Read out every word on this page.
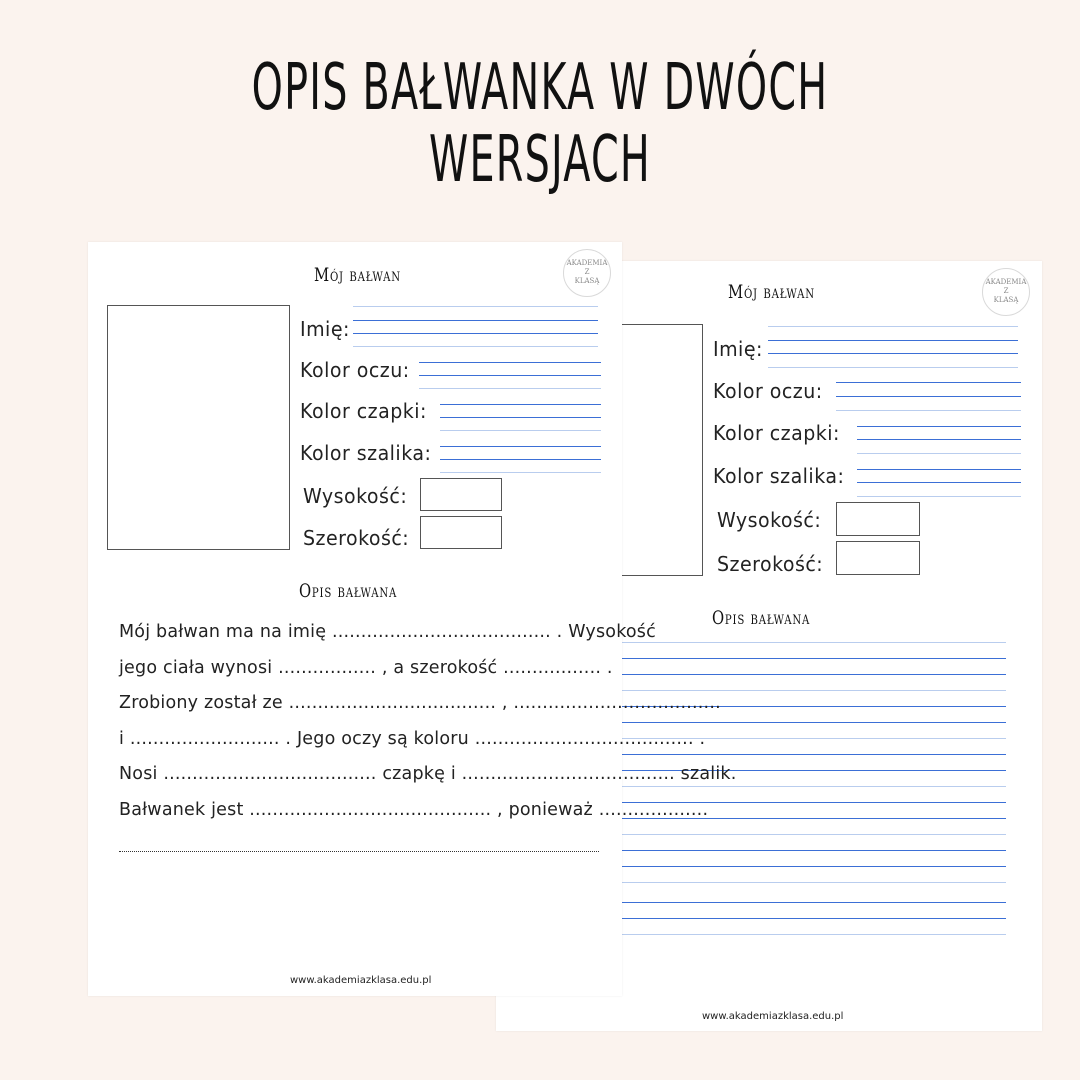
OPIS BAŁWANKA W DWÓCH
WERSJACH
Mój bałwan	AKADEMIA
Z
KLASĄ
Imię:
Kolor oczu:
Kolor czapki:
Kolor szalika:
Wysokość:
Szerokość:
Opis bałwana
www.akademiazklasa.edu.pl
Mój bałwan
AKADEMIA
Z
KLASĄ
Imię:
Kolor oczu:
Kolor czapki:
Kolor szalika:
Wysokość:
Szerokość:
Opis bałwana
Mój bałwan ma na imię ...................................... . Wysokość
jego ciała wynosi ................. , a szerokość ................. .
Zrobiony został ze .................................... , ....................................
i .......................... . Jego oczy są koloru ...................................... .
Nosi ..................................... czapkę i ..................................... szalik.
Bałwanek jest .......................................... , ponieważ ...................
www.akademiazklasa.edu.pl
